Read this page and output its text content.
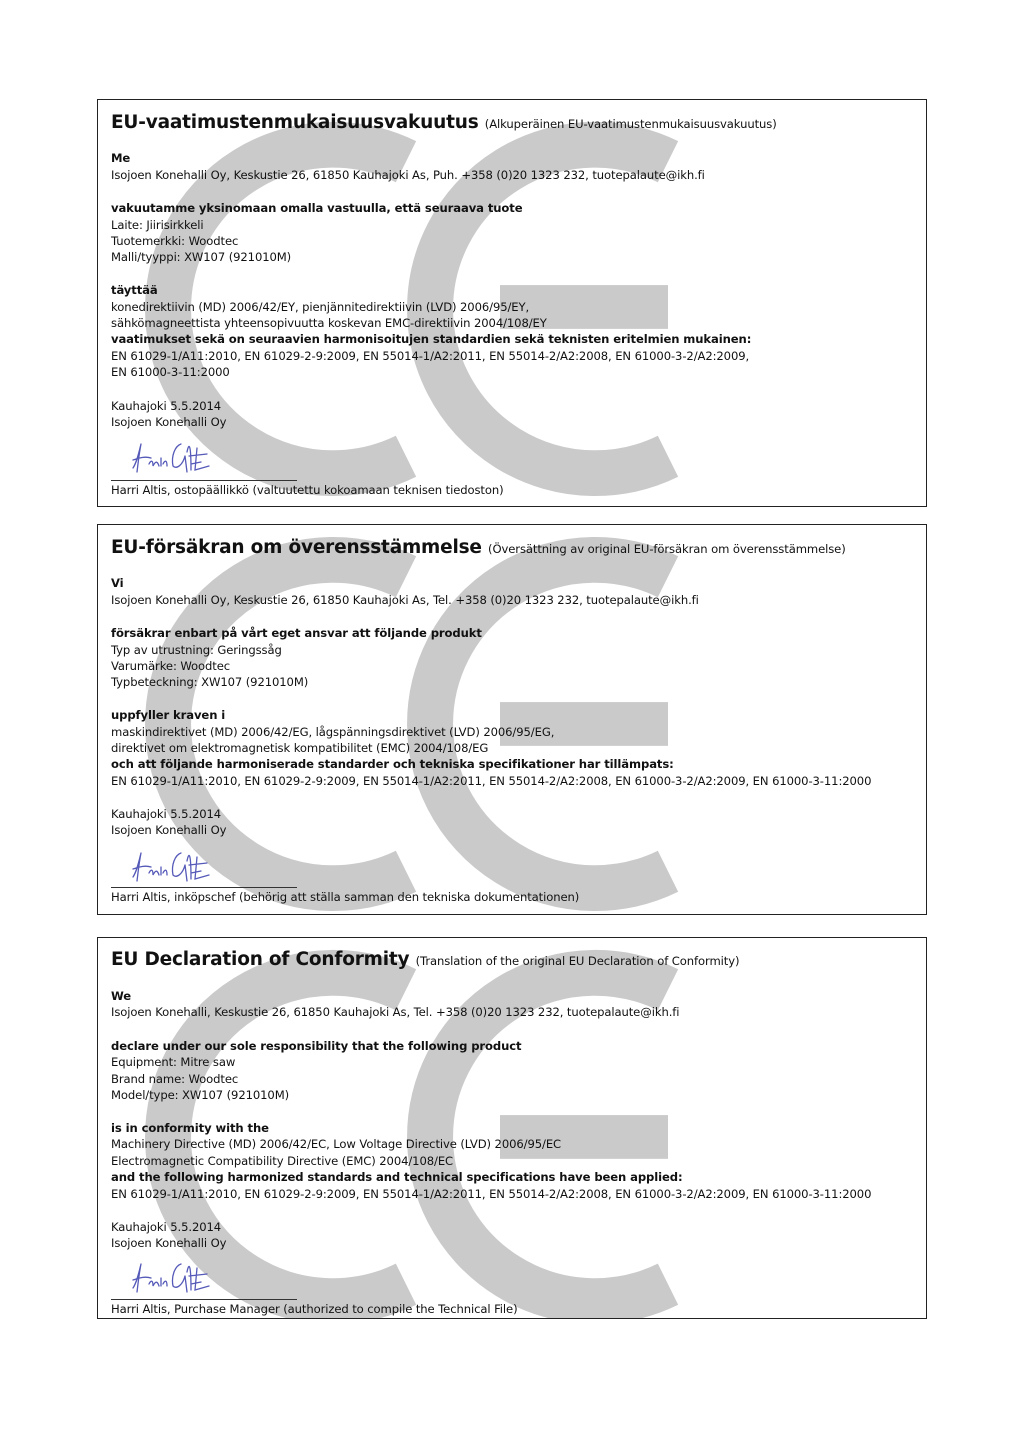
EU-vaatimustenmukaisuusvakuutus (Alkuperäinen EU-vaatimustenmukaisuusvakuutus)
Me
Isojoen Konehalli Oy, Keskustie 26, 61850 Kauhajoki As, Puh. +358 (0)20 1323 232, tuotepalaute@ikh.fi
vakuutamme yksinomaan omalla vastuulla, että seuraava tuote
Laite: Jiirisirkkeli
Tuotemerkki: Woodtec
Malli/tyyppi: XW107 (921010M)
täyttää
konedirektiivin (MD) 2006/42/EY, pienjännitedirektiivin (LVD) 2006/95/EY,
sähkömagneettista yhteensopivuutta koskevan EMC-direktiivin 2004/108/EY
vaatimukset sekä on seuraavien harmonisoitujen standardien sekä teknisten eritelmien mukainen:
EN 61029-1/A11:2010, EN 61029-2-9:2009, EN 55014-1/A2:2011, EN 55014-2/A2:2008, EN 61000-3-2/A2:2009,
EN 61000-3-11:2000
Kauhajoki 5.5.2014
Isojoen Konehalli Oy
Harri Altis, ostopäällikkö (valtuutettu kokoamaan teknisen tiedoston)
EU-försäkran om överensstämmelse (Översättning av original EU-försäkran om överensstämmelse)
Vi
Isojoen Konehalli Oy, Keskustie 26, 61850 Kauhajoki As, Tel. +358 (0)20 1323 232, tuotepalaute@ikh.fi
försäkrar enbart på vårt eget ansvar att följande produkt
Typ av utrustning: Geringssåg
Varumärke: Woodtec
Typbeteckning: XW107 (921010M)
uppfyller kraven i
maskindirektivet (MD) 2006/42/EG, lågspänningsdirektivet (LVD) 2006/95/EG,
direktivet om elektromagnetisk kompatibilitet (EMC) 2004/108/EG
och att följande harmoniserade standarder och tekniska specifikationer har tillämpats:
EN 61029-1/A11:2010, EN 61029-2-9:2009, EN 55014-1/A2:2011, EN 55014-2/A2:2008, EN 61000-3-2/A2:2009, EN 61000-3-11:2000
Kauhajoki 5.5.2014
Isojoen Konehalli Oy
Harri Altis, inköpschef (behörig att ställa samman den tekniska dokumentationen)
EU Declaration of Conformity (Translation of the original EU Declaration of Conformity)
We
Isojoen Konehalli, Keskustie 26, 61850 Kauhajoki As, Tel. +358 (0)20 1323 232, tuotepalaute@ikh.fi
declare under our sole responsibility that the following product
Equipment: Mitre saw
Brand name: Woodtec
Model/type: XW107 (921010M)
is in conformity with the
Machinery Directive (MD) 2006/42/EC, Low Voltage Directive (LVD) 2006/95/EC
Electromagnetic Compatibility Directive (EMC) 2004/108/EC
and the following harmonized standards and technical specifications have been applied:
EN 61029-1/A11:2010, EN 61029-2-9:2009, EN 55014-1/A2:2011, EN 55014-2/A2:2008, EN 61000-3-2/A2:2009, EN 61000-3-11:2000
Kauhajoki 5.5.2014
Isojoen Konehalli Oy
Harri Altis, Purchase Manager (authorized to compile the Technical File)
